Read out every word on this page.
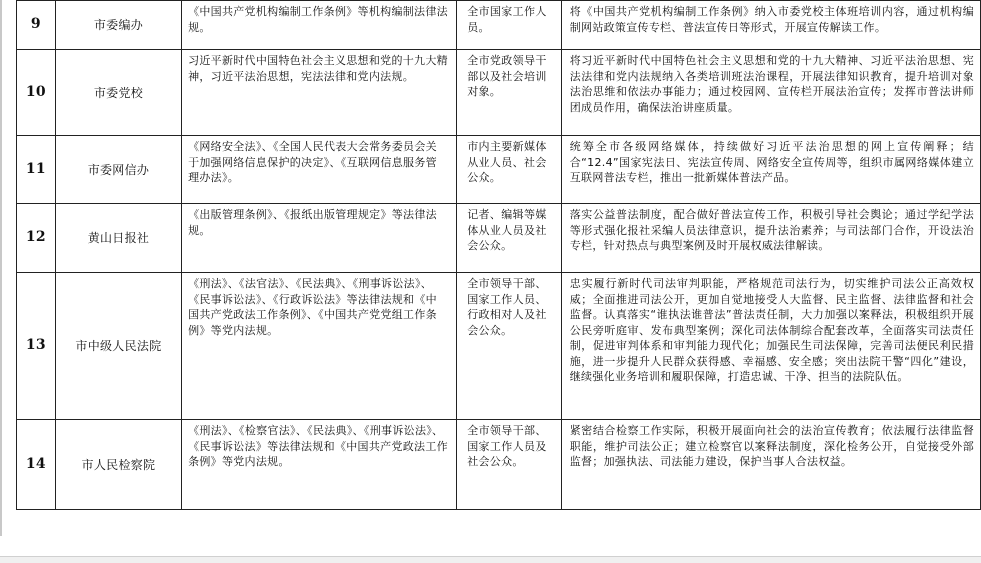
9	市委编办	《中国共产党机构编制工作条例》等机构编制法律法规。	全市国家工作人员。	将《中国共产党机构编制工作条例》纳入市委党校主体班培训内容，通过机构编制网站政策宣传专栏、普法宣传日等形式，开展宣传解读工作。
10	市委党校	习近平新时代中国特色社会主义思想和党的十九大精神，习近平法治思想，宪法法律和党内法规。	全市党政领导干部以及社会培训对象。	将习近平新时代中国特色社会主义思想和党的十九大精神、习近平法治思想、宪法法律和党内法规纳入各类培训班法治课程，开展法律知识教育，提升培训对象法治思维和依法办事能力；通过校园网、宣传栏开展法治宣传；发挥市普法讲师团成员作用，确保法治讲座质量。
11	市委网信办	《网络安全法》、《全国人民代表大会常务委员会关于加强网络信息保护的决定》、《互联网信息服务管理办法》。	市内主要新媒体从业人员、社会公众。	统筹全市各级网络媒体，持续做好习近平法治思想的网上宣传阐释；结合“12.4”国家宪法日、宪法宣传周、网络安全宣传周等，组织市属网络媒体建立互联网普法专栏，推出一批新媒体普法产品。
12	黄山日报社	《出版管理条例》、《报纸出版管理规定》等法律法规。	记者、编辑等媒体从业人员及社会公众。	落实公益普法制度，配合做好普法宣传工作，积极引导社会舆论；通过学纪学法等形式强化报社采编人员法律意识，提升法治素养；与司法部门合作，开设法治专栏，针对热点与典型案例及时开展权威法律解读。
13	市中级人民法院	《刑法》、《法官法》、《民法典》、《刑事诉讼法》、《民事诉讼法》、《行政诉讼法》等法律法规和《中国共产党政法工作条例》、《中国共产党党组工作条例》等党内法规。	全市领导干部、国家工作人员、行政相对人及社会公众。	忠实履行新时代司法审判职能，严格规范司法行为，切实维护司法公正高效权威；全面推进司法公开，更加自觉地接受人大监督、民主监督、法律监督和社会监督。认真落实“谁执法谁普法”普法责任制，大力加强以案释法，积极组织开展公民旁听庭审、发布典型案例；深化司法体制综合配套改革，全面落实司法责任制，促进审判体系和审判能力现代化；加强民生司法保障，完善司法便民利民措施，进一步提升人民群众获得感、幸福感、安全感；突出法院干警“四化”建设，继续强化业务培训和履职保障，打造忠诚、干净、担当的法院队伍。
14	市人民检察院	《刑法》、《检察官法》、《民法典》、《刑事诉讼法》、《民事诉讼法》等法律法规和《中国共产党政法工作条例》等党内法规。	全市领导干部、国家工作人员及社会公众。	紧密结合检察工作实际，积极开展面向社会的法治宣传教育；依法履行法律监督职能，维护司法公正；建立检察官以案释法制度，深化检务公开，自觉接受外部监督；加强执法、司法能力建设，保护当事人合法权益。
